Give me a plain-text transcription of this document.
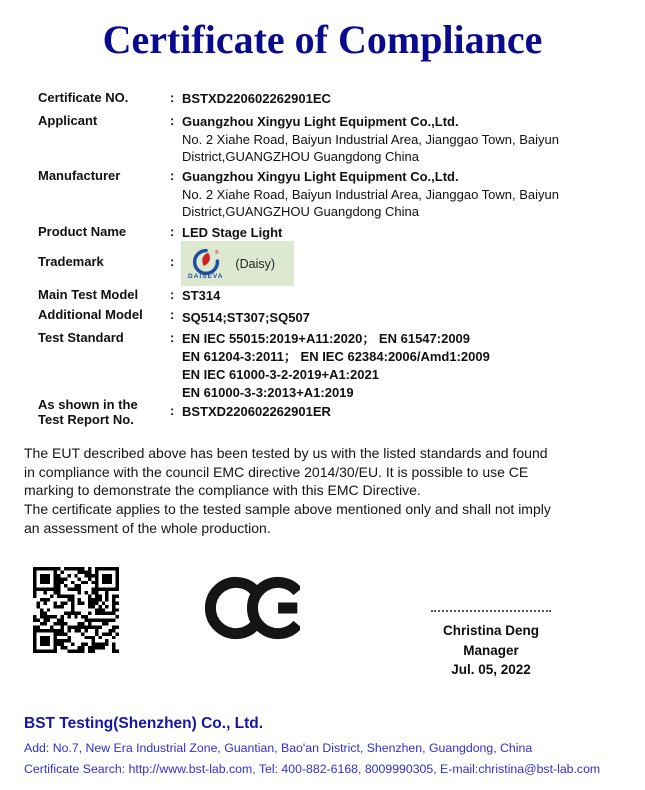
Certificate of Compliance
Certificate NO.	: BSTXD220602262901EC
Applicant	: Guangzhou Xingyu Light Equipment Co.,Ltd.
No. 2 Xiahe Road, Baiyun Industrial Area, Jianggao Town, Baiyun
District,GUANGZHOU Guangdong China
Manufacturer	: Guangzhou Xingyu Light Equipment Co.,Ltd.
No. 2 Xiahe Road, Baiyun Industrial Area, Jianggao Town, Baiyun
District,GUANGZHOU Guangdong China
Product Name	: LED Stage Light
Trademark	:
®
DAISEVA
(Daisy)
Main Test Model : ST314
Additional Model : SQ514;ST307;SQ507
Test Standard	: EN IEC 55015:2019+A11:2020； EN 61547:2009
EN 61204-3:2011； EN IEC 62384:2006/Amd1:2009
EN IEC 61000-3-2-2019+A1:2021
EN 61000-3-3:2013+A1:2019
As shown in the
Test Report No.
: BSTXD220602262901ER
The EUT described above has been tested by us with the listed standards and found
in compliance with the council EMC directive 2014/30/EU. It is possible to use CE
marking to demonstrate the compliance with this EMC Directive.
The certificate applies to the tested sample above mentioned only and shall not imply
an assessment of the whole production.
Christina Deng
Manager
Jul. 05, 2022
BST Testing(Shenzhen) Co., Ltd.
Add: No.7, New Era Industrial Zone, Guantian, Bao'an District, Shenzhen, Guangdong, China
Certificate Search: http://www.bst-lab.com, Tel: 400-882-6168, 8009990305, E-mail:christina@bst-lab.com
